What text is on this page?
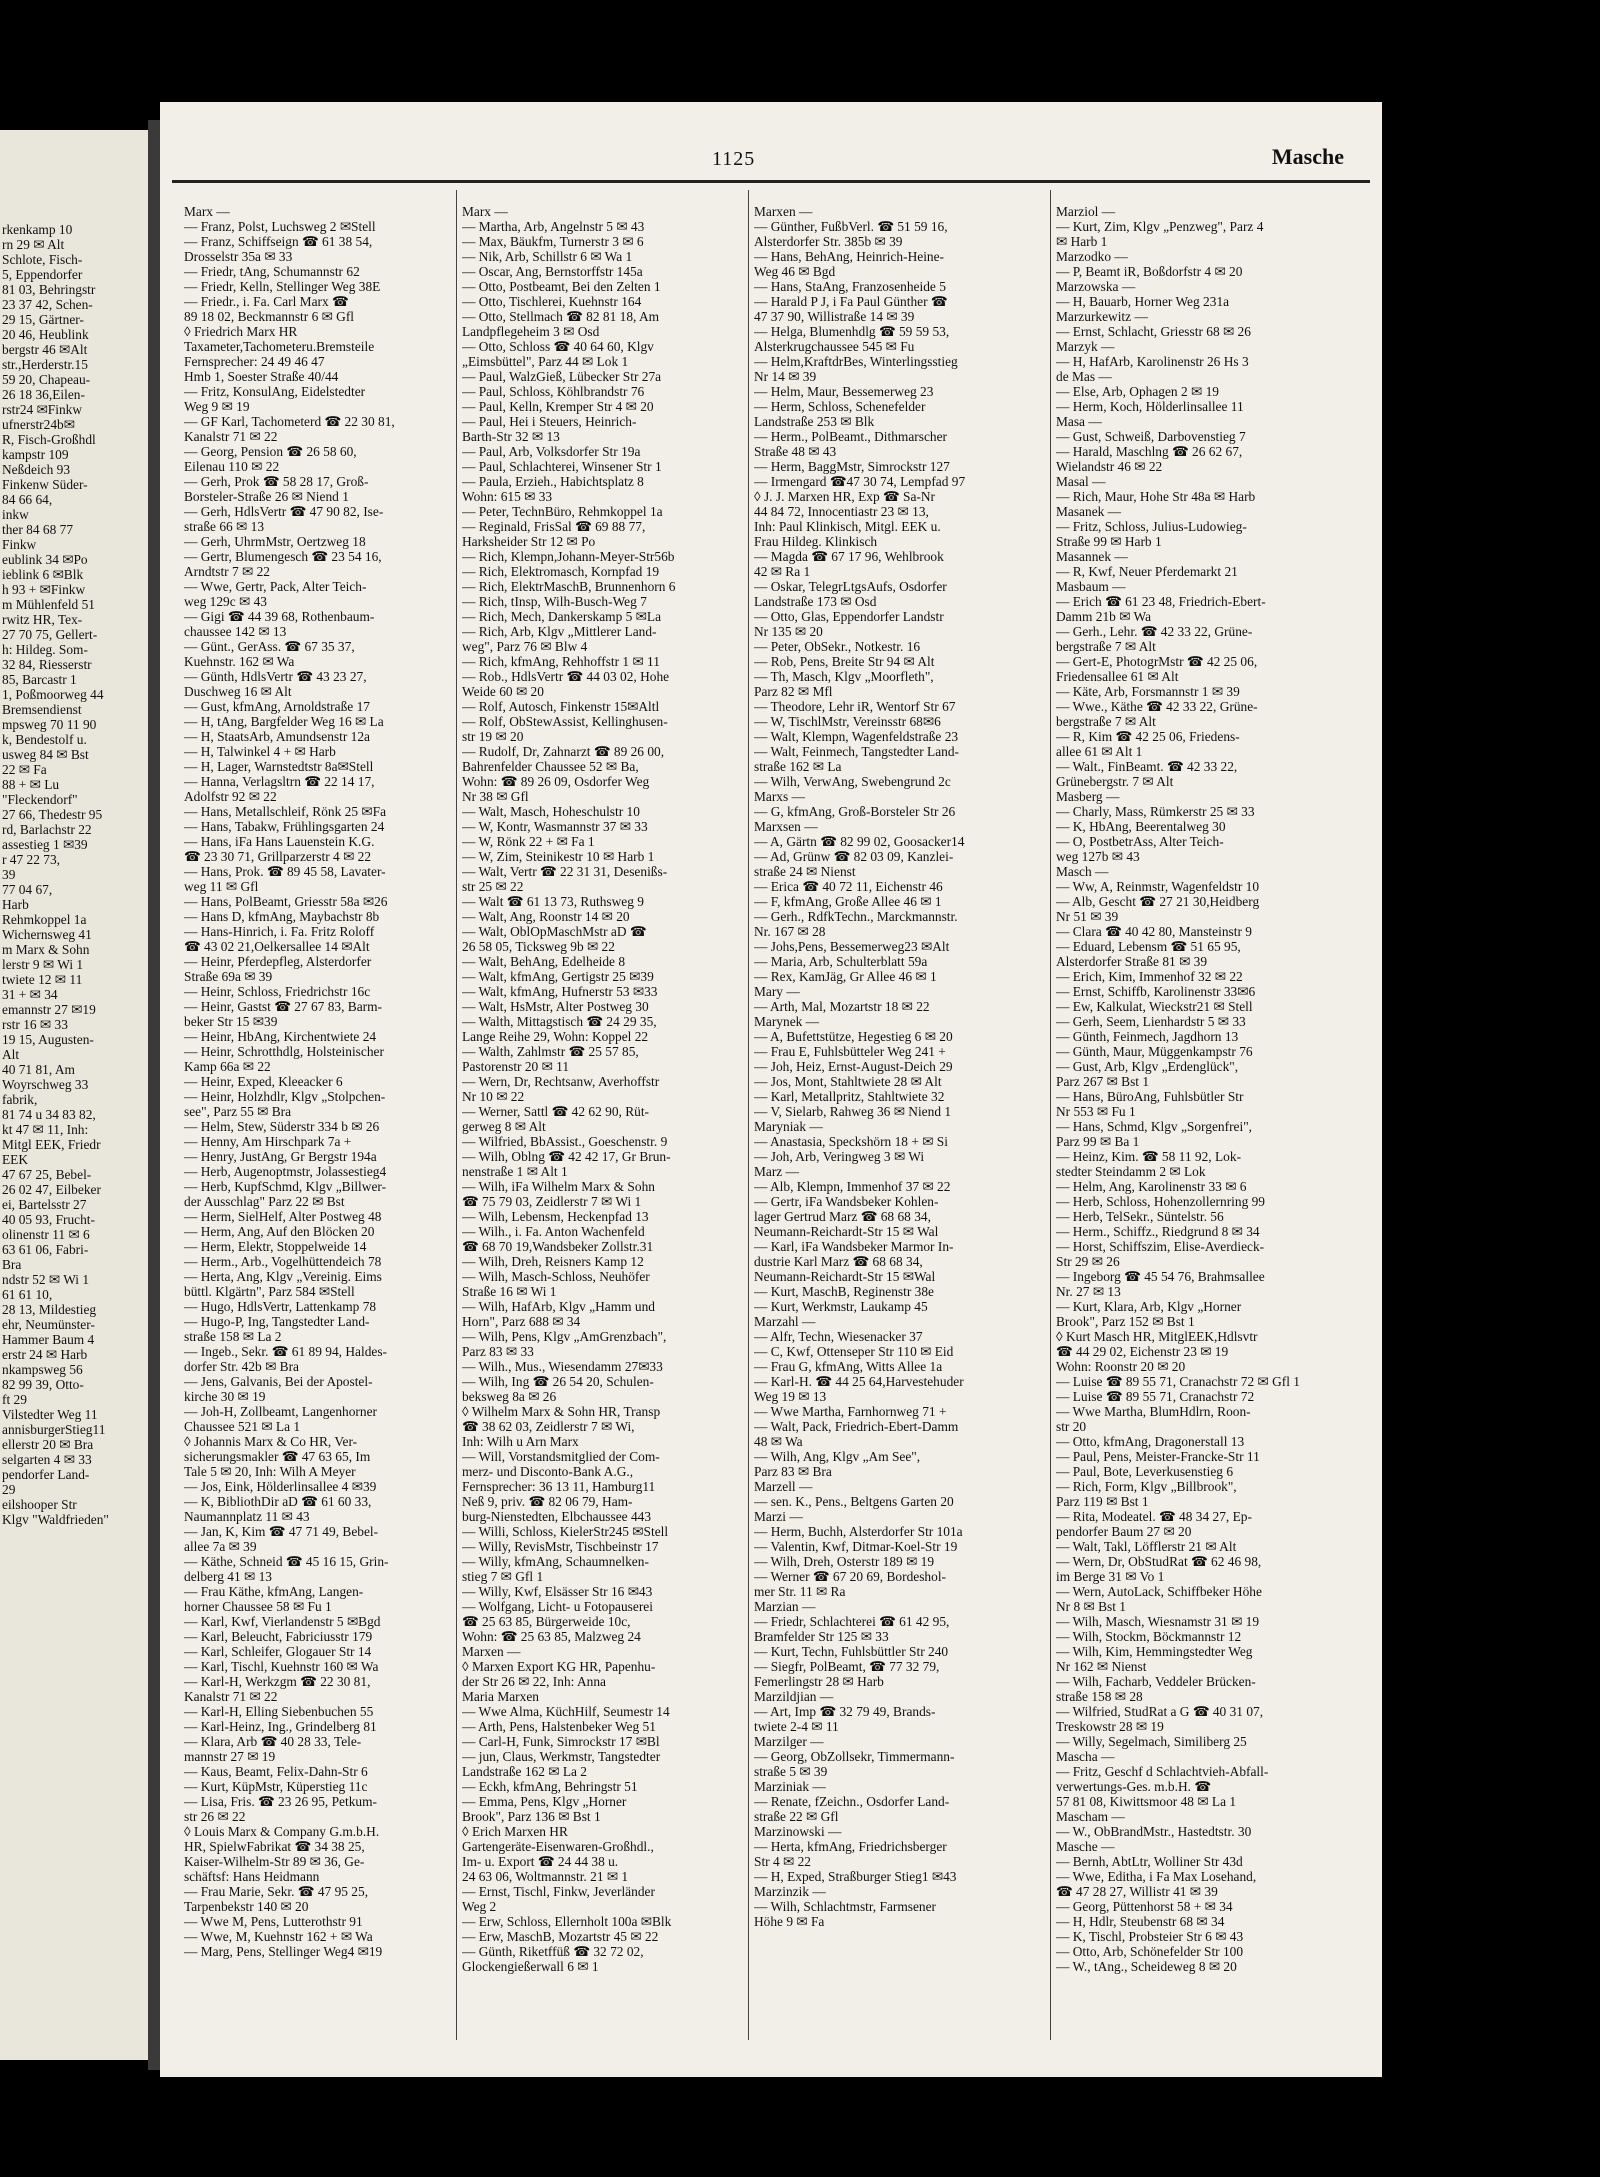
rkenkamp 10
rn 29 ✉ Alt
Schlote, Fisch-
5, Eppendorfer
81 03, Behringstr
23 37 42, Schen-
29 15, Gärtner-
20 46, Heublink
bergstr 46 ✉Alt
str.,Herderstr.15
59 20, Chapeau-
26 18 36,Eilen-
rstr24 ✉Finkw
ufnerstr24b✉
R, Fisch-Großhdl
kampstr 109
Neßdeich 93
Finkenw Süder-
84 66 64,
inkw
ther 84 68 77
Finkw
eublink 34 ✉Po
ieblink 6 ✉Blk
h 93 + ✉Finkw
m Mühlenfeld 51
rwitz HR, Tex-
27 70 75, Gellert-
h: Hildeg. Som-
32 84, Riesserstr
85, Barcastr 1
1, Poßmoorweg 44
Bremsendienst
mpsweg 70 11 90
k, Bendestolf u.
usweg 84 ✉ Bst
22 ✉ Fa
88 + ✉ Lu
"Fleckendorf"
27 66, Thedestr 95
rd, Barlachstr 22
assestieg 1 ✉39
r 47 22 73,
39
77 04 67,
Harb
Rehmkoppel 1a
Wichernsweg 41
m Marx & Sohn
lerstr 9 ✉ Wi 1
twiete 12 ✉ 11
31 + ✉ 34
emannstr 27 ✉19
rstr 16 ✉ 33
19 15, Augusten-
Alt
40 71 81, Am
Woyrschweg 33
fabrik,
81 74 u 34 83 82,
kt 47 ✉ 11, Inh:
Mitgl EEK, Friedr
EEK
47 67 25, Bebel-
26 02 47, Eilbeker
ei, Bartelsstr 27
40 05 93, Frucht-
olinenstr 11 ✉ 6
63 61 06, Fabri-
Bra
ndstr 52 ✉ Wi 1
61 61 10,
28 13, Mildestieg
ehr, Neumünster-
Hammer Baum 4
erstr 24 ✉ Harb
nkampsweg 56
82 99 39, Otto-
ft 29
Vilstedter Weg 11
annisburgerStieg11
ellerstr 20 ✉ Bra
selgarten 4 ✉ 33
pendorfer Land-
29
eilshooper Str
Klgv "Waldfrieden"
1125	Masche
Marx —
— Franz, Polst, Luchsweg 2 ✉Stell
— Franz, Schiffseign ☎ 61 38 54,
Drosselstr 35a ✉ 33
— Friedr, tAng, Schumannstr 62
— Friedr, Kelln, Stellinger Weg 38E
— Friedr., i. Fa. Carl Marx ☎
89 18 02, Beckmannstr 6 ✉ Gfl
◊ Friedrich Marx HR
Taxameter,Tachometeru.Bremsteile
Fernsprecher: 24 49 46 47
Hmb 1, Soester Straße 40/44
— Fritz, KonsulAng, Eidelstedter
Weg 9 ✉ 19
— GF Karl, Tachometerd ☎ 22 30 81,
Kanalstr 71 ✉ 22
— Georg, Pension ☎ 26 58 60,
Eilenau 110 ✉ 22
— Gerh, Prok ☎ 58 28 17, Groß-
Borsteler-Straße 26 ✉ Niend 1
— Gerh, HdlsVertr ☎ 47 90 82, Ise-
straße 66 ✉ 13
— Gerh, UhrmMstr, Oertzweg 18
— Gertr, Blumengesch ☎ 23 54 16,
Arndtstr 7 ✉ 22
— Wwe, Gertr, Pack, Alter Teich-
weg 129c ✉ 43
— Gigi ☎ 44 39 68, Rothenbaum-
chaussee 142 ✉ 13
— Günt., GerAss. ☎ 67 35 37,
Kuehnstr. 162 ✉ Wa
— Günth, HdlsVertr ☎ 43 23 27,
Duschweg 16 ✉ Alt
— Gust, kfmAng, Arnoldstraße 17
— H, tAng, Bargfelder Weg 16 ✉ La
— H, StaatsArb, Amundsenstr 12a
— H, Talwinkel 4 + ✉ Harb
— H, Lager, Warnstedtstr 8a✉Stell
— Hanna, Verlagsltrn ☎ 22 14 17,
Adolfstr 92 ✉ 22
— Hans, Metallschleif, Rönk 25 ✉Fa
— Hans, Tabakw, Frühlingsgarten 24
— Hans, iFa Hans Lauenstein K.G.
☎ 23 30 71, Grillparzerstr 4 ✉ 22
— Hans, Prok. ☎ 89 45 58, Lavater-
weg 11 ✉ Gfl
— Hans, PolBeamt, Griesstr 58a ✉26
— Hans D, kfmAng, Maybachstr 8b
— Hans-Hinrich, i. Fa. Fritz Roloff
☎ 43 02 21,Oelkersallee 14 ✉Alt
— Heinr, Pferdepfleg, Alsterdorfer
Straße 69a ✉ 39
— Heinr, Schloss, Friedrichstr 16c
— Heinr, Gastst ☎ 27 67 83, Barm-
beker Str 15 ✉39
— Heinr, HbAng, Kirchentwiete 24
— Heinr, Schrotthdlg, Holsteinischer
Kamp 66a ✉ 22
— Heinr, Exped, Kleeacker 6
— Heinr, Holzhdlr, Klgv „Stolpchen-
see", Parz 55 ✉ Bra
— Helm, Stew, Süderstr 334 b ✉ 26
— Henny, Am Hirschpark 7a +
— Henry, JustAng, Gr Bergstr 194a
— Herb, Augenoptmstr, Jolassestieg4
— Herb, KupfSchmd, Klgv „Billwer-
der Ausschlag" Parz 22 ✉ Bst
— Herm, SielHelf, Alter Postweg 48
— Herm, Ang, Auf den Blöcken 20
— Herm, Elektr, Stoppelweide 14
— Herm., Arb., Vogelhüttendeich 78
— Herta, Ang, Klgv „Vereinig. Eims
büttl. Klgärtn", Parz 584 ✉Stell
— Hugo, HdlsVertr, Lattenkamp 78
— Hugo-P, Ing, Tangstedter Land-
straße 158 ✉ La 2
— Ingeb., Sekr. ☎ 61 89 94, Haldes-
dorfer Str. 42b ✉ Bra
— Jens, Galvanis, Bei der Apostel-
kirche 30 ✉ 19
— Joh-H, Zollbeamt, Langenhorner
Chaussee 521 ✉ La 1
◊ Johannis Marx & Co HR, Ver-
sicherungsmakler ☎ 47 63 65, Im
Tale 5 ✉ 20, Inh: Wilh A Meyer
— Jos, Eink, Hölderlinsallee 4 ✉39
— K, BibliothDir aD ☎ 61 60 33,
Naumannplatz 11 ✉ 43
— Jan, K, Kim ☎ 47 71 49, Bebel-
allee 7a ✉ 39
— Käthe, Schneid ☎ 45 16 15, Grin-
delberg 41 ✉ 13
— Frau Käthe, kfmAng, Langen-
horner Chaussee 58 ✉ Fu 1
— Karl, Kwf, Vierlandenstr 5 ✉Bgd
— Karl, Beleucht, Fabriciusstr 179
— Karl, Schleifer, Glogauer Str 14
— Karl, Tischl, Kuehnstr 160 ✉ Wa
— Karl-H, Werkzgm ☎ 22 30 81,
Kanalstr 71 ✉ 22
— Karl-H, Elling Siebenbuchen 55
— Karl-Heinz, Ing., Grindelberg 81
— Klara, Arb ☎ 40 28 33, Tele-
mannstr 27 ✉ 19
— Kaus, Beamt, Felix-Dahn-Str 6
— Kurt, KüpMstr, Küperstieg 11c
— Lisa, Fris. ☎ 23 26 95, Petkum-
str 26 ✉ 22
◊ Louis Marx & Company G.m.b.H.
HR, SpielwFabrikat ☎ 34 38 25,
Kaiser-Wilhelm-Str 89 ✉ 36, Ge-
schäftsf: Hans Heidmann
— Frau Marie, Sekr. ☎ 47 95 25,
Tarpenbekstr 140 ✉ 20
— Wwe M, Pens, Lutterothstr 91
— Wwe, M, Kuehnstr 162 + ✉ Wa
— Marg, Pens, Stellinger Weg4 ✉19
Marx —
— Martha, Arb, Angelnstr 5 ✉ 43
— Max, Bäukfm, Turnerstr 3 ✉ 6
— Nik, Arb, Schillstr 6 ✉ Wa 1
— Oscar, Ang, Bernstorffstr 145a
— Otto, Postbeamt, Bei den Zelten 1
— Otto, Tischlerei, Kuehnstr 164
— Otto, Stellmach ☎ 82 81 18, Am
Landpflegeheim 3 ✉ Osd
— Otto, Schloss ☎ 40 64 60, Klgv
„Eimsbüttel", Parz 44 ✉ Lok 1
— Paul, WalzGieß, Lübecker Str 27a
— Paul, Schloss, Köhlbrandstr 76
— Paul, Kelln, Kremper Str 4 ✉ 20
— Paul, Hei i Steuers, Heinrich-
Barth-Str 32 ✉ 13
— Paul, Arb, Volksdorfer Str 19a
— Paul, Schlachterei, Winsener Str 1
— Paula, Erzieh., Habichtsplatz 8
Wohn: 615 ✉ 33
— Peter, TechnBüro, Rehmkoppel 1a
— Reginald, FrisSal ☎ 69 88 77,
Harksheider Str 12 ✉ Po
— Rich, Klempn,Johann-Meyer-Str56b
— Rich, Elektromasch, Kornpfad 19
— Rich, ElektrMaschB, Brunnenhorn 6
— Rich, tInsp, Wilh-Busch-Weg 7
— Rich, Mech, Dankerskamp 5 ✉La
— Rich, Arb, Klgv „Mittlerer Land-
weg", Parz 76 ✉ Blw 4
— Rich, kfmAng, Rehhoffstr 1 ✉ 11
— Rob., HdlsVertr ☎ 44 03 02, Hohe
Weide 60 ✉ 20
— Rolf, Autosch, Finkenstr 15✉Altl
— Rolf, ObStewAssist, Kellinghusen-
str 19 ✉ 20
— Rudolf, Dr, Zahnarzt ☎ 89 26 00,
Bahrenfelder Chaussee 52 ✉ Ba,
Wohn: ☎ 89 26 09, Osdorfer Weg
Nr 38 ✉ Gfl
— Walt, Masch, Hoheschulstr 10
— W, Kontr, Wasmannstr 37 ✉ 33
— W, Rönk 22 + ✉ Fa 1
— W, Zim, Steinikestr 10 ✉ Harb 1
— Walt, Vertr ☎ 22 31 31, Desenißs-
str 25 ✉ 22
— Walt ☎ 61 13 73, Ruthsweg 9
— Walt, Ang, Roonstr 14 ✉ 20
— Walt, OblOpMaschMstr aD ☎
26 58 05, Ticksweg 9b ✉ 22
— Walt, BehAng, Edelheide 8
— Walt, kfmAng, Gertigstr 25 ✉39
— Walt, kfmAng, Hufnerstr 53 ✉33
— Walt, HsMstr, Alter Postweg 30
— Walth, Mittagstisch ☎ 24 29 35,
Lange Reihe 29, Wohn: Koppel 22
— Walth, Zahlmstr ☎ 25 57 85,
Pastorenstr 20 ✉ 11
— Wern, Dr, Rechtsanw, Averhoffstr
Nr 10 ✉ 22
— Werner, Sattl ☎ 42 62 90, Rüt-
gerweg 8 ✉ Alt
— Wilfried, BbAssist., Goeschenstr. 9
— Wilh, Oblng ☎ 42 42 17, Gr Brun-
nenstraße 1 ✉ Alt 1
— Wilh, iFa Wilhelm Marx & Sohn
☎ 75 79 03, Zeidlerstr 7 ✉ Wi 1
— Wilh, Lebensm, Heckenpfad 13
— Wilh., i. Fa. Anton Wachenfeld
☎ 68 70 19,Wandsbeker Zollstr.31
— Wilh, Dreh, Reisners Kamp 12
— Wilh, Masch-Schloss, Neuhöfer
Straße 16 ✉ Wi 1
— Wilh, HafArb, Klgv „Hamm und
Horn", Parz 688 ✉ 34
— Wilh, Pens, Klgv „AmGrenzbach",
Parz 83 ✉ 33
— Wilh., Mus., Wiesendamm 27✉33
— Wilh, Ing ☎ 26 54 20, Schulen-
beksweg 8a ✉ 26
◊ Wilhelm Marx & Sohn HR, Transp
☎ 38 62 03, Zeidlerstr 7 ✉ Wi,
Inh: Wilh u Arn Marx
— Will, Vorstandsmitglied der Com-
merz- und Disconto-Bank A.G.,
Fernsprecher: 36 13 11, Hamburg11
Neß 9, priv. ☎ 82 06 79, Ham-
burg-Nienstedten, Elbchaussee 443
— Willi, Schloss, KielerStr245 ✉Stell
— Willy, RevisMstr, Tischbeinstr 17
— Willy, kfmAng, Schaumnelken-
stieg 7 ✉ Gfl 1
— Willy, Kwf, Elsässer Str 16 ✉43
— Wolfgang, Licht- u Fotopauserei
☎ 25 63 85, Bürgerweide 10c,
Wohn: ☎ 25 63 85, Malzweg 24
Marxen —
◊ Marxen Export KG HR, Papenhu-
der Str 26 ✉ 22, Inh: Anna
Maria Marxen
— Wwe Alma, KüchHilf, Seumestr 14
— Arth, Pens, Halstenbeker Weg 51
— Carl-H, Funk, Simrockstr 17 ✉Bl
— jun, Claus, Werkmstr, Tangstedter
Landstraße 162 ✉ La 2
— Eckh, kfmAng, Behringstr 51
— Emma, Pens, Klgv „Horner
Brook", Parz 136 ✉ Bst 1
◊ Erich Marxen HR
Gartengeräte-Eisenwaren-Großhdl.,
Im- u. Export ☎ 24 44 38 u.
24 63 06, Woltmannstr. 21 ✉ 1
— Ernst, Tischl, Finkw, Jeverländer
Weg 2
— Erw, Schloss, Ellernholt 100a ✉Blk
— Erw, MaschB, Mozartstr 45 ✉ 22
— Günth, Riketffüß ☎ 32 72 02,
Glockengießerwall 6 ✉ 1
Marxen —
— Günther, FußbVerl. ☎ 51 59 16,
Alsterdorfer Str. 385b ✉ 39
— Hans, BehAng, Heinrich-Heine-
Weg 46 ✉ Bgd
— Hans, StaAng, Franzosenheide 5
— Harald P J, i Fa Paul Günther ☎
47 37 90, Willistraße 14 ✉ 39
— Helga, Blumenhdlg ☎ 59 59 53,
Alsterkrugchaussee 545 ✉ Fu
— Helm,KraftdrBes, Winterlingsstieg
Nr 14 ✉ 39
— Helm, Maur, Bessemerweg 23
— Herm, Schloss, Schenefelder
Landstraße 253 ✉ Blk
— Herm., PolBeamt., Dithmarscher
Straße 48 ✉ 43
— Herm, BaggMstr, Simrockstr 127
— Irmengard ☎47 30 74, Lempfad 97
◊ J. J. Marxen HR, Exp ☎ Sa-Nr
44 84 72, Innocentiastr 23 ✉ 13,
Inh: Paul Klinkisch, Mitgl. EEK u.
Frau Hildeg. Klinkisch
— Magda ☎ 67 17 96, Wehlbrook
42 ✉ Ra 1
— Oskar, TelegrLtgsAufs, Osdorfer
Landstraße 173 ✉ Osd
— Otto, Glas, Eppendorfer Landstr
Nr 135 ✉ 20
— Peter, ObSekr., Notkestr. 16
— Rob, Pens, Breite Str 94 ✉ Alt
— Th, Masch, Klgv „Moorfleth",
Parz 82 ✉ Mfl
— Theodore, Lehr iR, Wentorf Str 67
— W, TischlMstr, Vereinsstr 68✉6
— Walt, Klempn, Wagenfeldstraße 23
— Walt, Feinmech, Tangstedter Land-
straße 162 ✉ La
— Wilh, VerwAng, Swebengrund 2c
Marxs —
— G, kfmAng, Groß-Borsteler Str 26
Marxsen —
— A, Gärtn ☎ 82 99 02, Goosacker14
— Ad, Grünw ☎ 82 03 09, Kanzlei-
straße 24 ✉ Nienst
— Erica ☎ 40 72 11, Eichenstr 46
— F, kfmAng, Große Allee 46 ✉ 1
— Gerh., RdfkTechn., Marckmannstr.
Nr. 167 ✉ 28
— Johs,Pens, Bessemerweg23 ✉Alt
— Maria, Arb, Schulterblatt 59a
— Rex, KamJäg, Gr Allee 46 ✉ 1
Mary —
— Arth, Mal, Mozartstr 18 ✉ 22
Marynek —
— A, Bufettstütze, Hegestieg 6 ✉ 20
— Frau E, Fuhlsbütteler Weg 241 +
— Joh, Heiz, Ernst-August-Deich 29
— Jos, Mont, Stahltwiete 28 ✉ Alt
— Karl, Metallpritz, Stahltwiete 32
— V, Sielarb, Rahweg 36 ✉ Niend 1
Maryniak —
— Anastasia, Speckshörn 18 + ✉ Si
— Joh, Arb, Veringweg 3 ✉ Wi
Marz —
— Alb, Klempn, Immenhof 37 ✉ 22
— Gertr, iFa Wandsbeker Kohlen-
lager Gertrud Marz ☎ 68 68 34,
Neumann-Reichardt-Str 15 ✉ Wal
— Karl, iFa Wandsbeker Marmor In-
dustrie Karl Marz ☎ 68 68 34,
Neumann-Reichardt-Str 15 ✉Wal
— Kurt, MaschB, Reginenstr 38e
— Kurt, Werkmstr, Laukamp 45
Marzahl —
— Alfr, Techn, Wiesenacker 37
— C, Kwf, Ottenseper Str 110 ✉ Eid
— Frau G, kfmAng, Witts Allee 1a
— Karl-H. ☎ 44 25 64,Harvestehuder
Weg 19 ✉ 13
— Wwe Martha, Farnhornweg 71 +
— Walt, Pack, Friedrich-Ebert-Damm
48 ✉ Wa
— Wilh, Ang, Klgv „Am See",
Parz 83 ✉ Bra
Marzell —
— sen. K., Pens., Beltgens Garten 20
Marzi —
— Herm, Buchh, Alsterdorfer Str 101a
— Valentin, Kwf, Ditmar-Koel-Str 19
— Wilh, Dreh, Osterstr 189 ✉ 19
— Werner ☎ 67 20 69, Bordeshol-
mer Str. 11 ✉ Ra
Marzian —
— Friedr, Schlachterei ☎ 61 42 95,
Bramfelder Str 125 ✉ 33
— Kurt, Techn, Fuhlsbüttler Str 240
— Siegfr, PolBeamt, ☎ 77 32 79,
Femerlingstr 28 ✉ Harb
Marzildjian —
— Art, Imp ☎ 32 79 49, Brands-
twiete 2-4 ✉ 11
Marzilger —
— Georg, ObZollsekr, Timmermann-
straße 5 ✉ 39
Marziniak —
— Renate, fZeichn., Osdorfer Land-
straße 22 ✉ Gfl
Marzinowski —
— Herta, kfmAng, Friedrichsberger
Str 4 ✉ 22
— H, Exped, Straßburger Stieg1 ✉43
Marzinzik —
— Wilh, Schlachtmstr, Farmsener
Höhe 9 ✉ Fa
Marziol —
— Kurt, Zim, Klgv „Penzweg", Parz 4
✉ Harb 1
Marzodko —
— P, Beamt iR, Boßdorfstr 4 ✉ 20
Marzowska —
— H, Bauarb, Horner Weg 231a
Marzurkewitz —
— Ernst, Schlacht, Griesstr 68 ✉ 26
Marzyk —
— H, HafArb, Karolinenstr 26 Hs 3
de Mas —
— Else, Arb, Ophagen 2 ✉ 19
— Herm, Koch, Hölderlinsallee 11
Masa —
— Gust, Schweiß, Darbovenstieg 7
— Harald, Maschlng ☎ 26 62 67,
Wielandstr 46 ✉ 22
Masal —
— Rich, Maur, Hohe Str 48a ✉ Harb
Masanek —
— Fritz, Schloss, Julius-Ludowieg-
Straße 99 ✉ Harb 1
Masannek —
— R, Kwf, Neuer Pferdemarkt 21
Masbaum —
— Erich ☎ 61 23 48, Friedrich-Ebert-
Damm 21b ✉ Wa
— Gerh., Lehr. ☎ 42 33 22, Grüne-
bergstraße 7 ✉ Alt
— Gert-E, PhotogrMstr ☎ 42 25 06,
Friedensallee 61 ✉ Alt
— Käte, Arb, Forsmannstr 1 ✉ 39
— Wwe., Käthe ☎ 42 33 22, Grüne-
bergstraße 7 ✉ Alt
— R, Kim ☎ 42 25 06, Friedens-
allee 61 ✉ Alt 1
— Walt., FinBeamt. ☎ 42 33 22,
Grünebergstr. 7 ✉ Alt
Masberg —
— Charly, Mass, Rümkerstr 25 ✉ 33
— K, HbAng, Beerentalweg 30
— O, PostbetrAss, Alter Teich-
weg 127b ✉ 43
Masch —
— Ww, A, Reinmstr, Wagenfeldstr 10
— Alb, Gescht ☎ 27 21 30,Heidberg
Nr 51 ✉ 39
— Clara ☎ 40 42 80, Mansteinstr 9
— Eduard, Lebensm ☎ 51 65 95,
Alsterdorfer Straße 81 ✉ 39
— Erich, Kim, Immenhof 32 ✉ 22
— Ernst, Schiffb, Karolinenstr 33✉6
— Ew, Kalkulat, Wieckstr21 ✉ Stell
— Gerh, Seem, Lienhardstr 5 ✉ 33
— Günth, Feinmech, Jagdhorn 13
— Günth, Maur, Müggenkampstr 76
— Gust, Arb, Klgv „Erdenglück",
Parz 267 ✉ Bst 1
— Hans, BüroAng, Fuhlsbütler Str
Nr 553 ✉ Fu 1
— Hans, Schmd, Klgv „Sorgenfrei",
Parz 99 ✉ Ba 1
— Heinz, Kim. ☎ 58 11 92, Lok-
stedter Steindamm 2 ✉ Lok
— Helm, Ang, Karolinenstr 33 ✉ 6
— Herb, Schloss, Hohenzollernring 99
— Herb, TelSekr., Süntelstr. 56
— Herm., Schiffz., Riedgrund 8 ✉ 34
— Horst, Schiffszim, Elise-Averdieck-
Str 29 ✉ 26
— Ingeborg ☎ 45 54 76, Brahmsallee
Nr. 27 ✉ 13
— Kurt, Klara, Arb, Klgv „Horner
Brook", Parz 152 ✉ Bst 1
◊ Kurt Masch HR, MitglEEK,Hdlsvtr
☎ 44 29 02, Eichenstr 23 ✉ 19
Wohn: Roonstr 20 ✉ 20
— Luise ☎ 89 55 71, Cranachstr 72 ✉ Gfl 1
— Luise ☎ 89 55 71, Cranachstr 72
— Wwe Martha, BlumHdlrn, Roon-
str 20
— Otto, kfmAng, Dragonerstall 13
— Paul, Pens, Meister-Francke-Str 11
— Paul, Bote, Leverkusenstieg 6
— Rich, Form, Klgv „Billbrook",
Parz 119 ✉ Bst 1
— Rita, Modeatel. ☎ 48 34 27, Ep-
pendorfer Baum 27 ✉ 20
— Walt, Takl, Löfflerstr 21 ✉ Alt
— Wern, Dr, ObStudRat ☎ 62 46 98,
im Berge 31 ✉ Vo 1
— Wern, AutoLack, Schiffbeker Höhe
Nr 8 ✉ Bst 1
— Wilh, Masch, Wiesnamstr 31 ✉ 19
— Wilh, Stockm, Böckmannstr 12
— Wilh, Kim, Hemmingstedter Weg
Nr 162 ✉ Nienst
— Wilh, Facharb, Veddeler Brücken-
straße 158 ✉ 28
— Wilfried, StudRat a G ☎ 40 31 07,
Treskowstr 28 ✉ 19
— Willy, Segelmach, Similiberg 25
Mascha —
— Fritz, Geschf d Schlachtvieh-Abfall-
verwertungs-Ges. m.b.H. ☎
57 81 08, Kiwittsmoor 48 ✉ La 1
Mascham —
— W., ObBrandMstr., Hastedtstr. 30
Masche —
— Bernh, AbtLtr, Wolliner Str 43d
— Wwe, Editha, i Fa Max Losehand,
☎ 47 28 27, Willistr 41 ✉ 39
— Georg, Püttenhorst 58 + ✉ 34
— H, Hdlr, Steubenstr 68 ✉ 34
— K, Tischl, Probsteier Str 6 ✉ 43
— Otto, Arb, Schönefelder Str 100
— W., tAng., Scheideweg 8 ✉ 20
